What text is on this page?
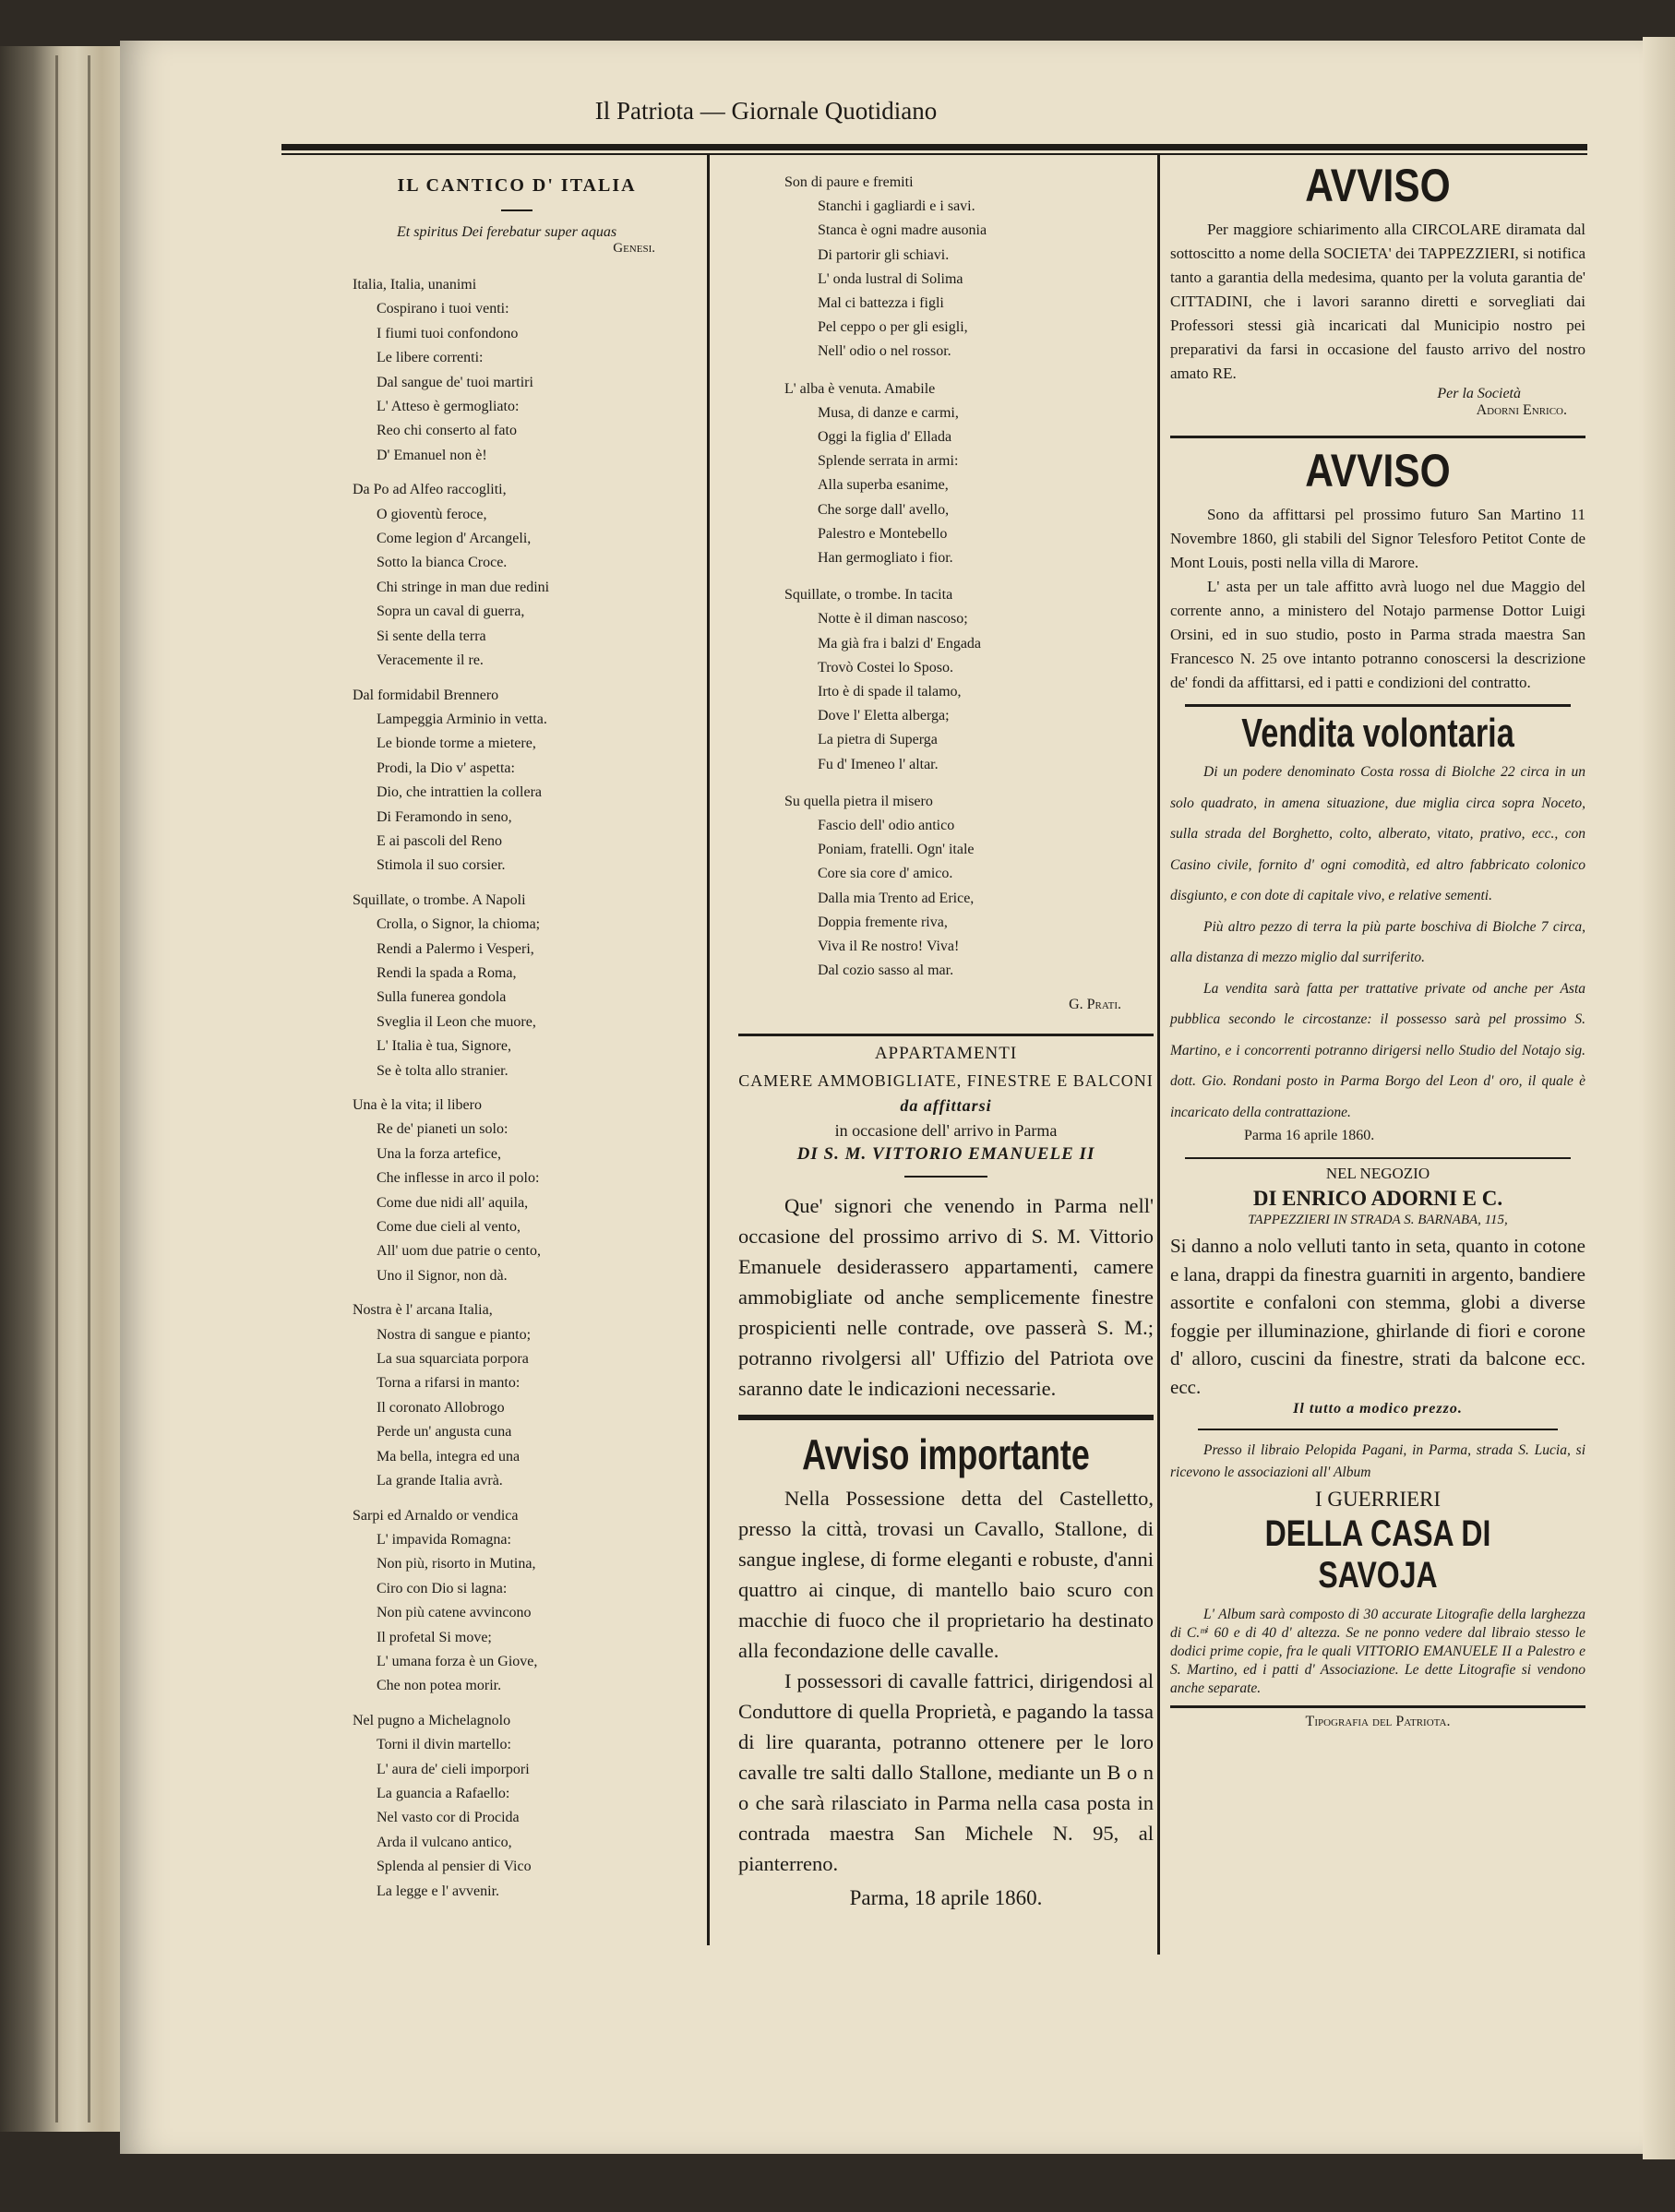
Il Patriota — Giornale Quotidiano
IL CANTICO D' ITALIA
Et spiritus Dei ferebatur super aquas
Genesi.
Italia, Italia, unanimi
Cospirano i tuoi venti:
I fiumi tuoi confondono
Le libere correnti:
Dal sangue de' tuoi martiri
L' Atteso è germogliato:
Reo chi conserto al fato
D' Emanuel non è!
Da Po ad Alfeo raccogliti,
O gioventù feroce,
Come legion d' Arcangeli,
Sotto la bianca Croce.
Chi stringe in man due redini
Sopra un caval di guerra,
Si sente della terra
Veracemente il re.
Dal formidabil Brennero
Lampeggia Arminio in vetta.
Le bionde torme a mietere,
Prodi, la Dio v' aspetta:
Dio, che intrattien la collera
Di Feramondo in seno,
E ai pascoli del Reno
Stimola il suo corsier.
Squillate, o trombe. A Napoli
Crolla, o Signor, la chioma;
Rendi a Palermo i Vesperi,
Rendi la spada a Roma,
Sulla funerea gondola
Sveglia il Leon che muore,
L' Italia è tua, Signore,
Se è tolta allo stranier.
Una è la vita; il libero
Re de' pianeti un solo:
Una la forza artefice,
Che inflesse in arco il polo:
Come due nidi all' aquila,
Come due cieli al vento,
All' uom due patrie o cento,
Uno il Signor, non dà.
Nostra è l' arcana Italia,
Nostra di sangue e pianto;
La sua squarciata porpora
Torna a rifarsi in manto:
Il coronato Allobrogo
Perde un' angusta cuna
Ma bella, integra ed una
La grande Italia avrà.
Sarpi ed Arnaldo or vendica
L' impavida Romagna:
Non più, risorto in Mutina,
Ciro con Dio si lagna:
Non più catene avvincono
Il profetal Si move;
L' umana forza è un Giove,
Che non potea morir.
Nel pugno a Michelagnolo
Torni il divin martello:
L' aura de' cieli imporpori
La guancia a Rafaello:
Nel vasto cor di Procida
Arda il vulcano antico,
Splenda al pensier di Vico
La legge e l' avvenir.
Son di paure e fremiti
Stanchi i gagliardi e i savi.
Stanca è ogni madre ausonia
Di partorir gli schiavi.
L' onda lustral di Solima
Mal ci battezza i figli
Pel ceppo o per gli esigli,
Nell' odio o nel rossor.
L' alba è venuta. Amabile
Musa, di danze e carmi,
Oggi la figlia d' Ellada
Splende serrata in armi:
Alla superba esanime,
Che sorge dall' avello,
Palestro e Montebello
Han germogliato i fior.
Squillate, o trombe. In tacita
Notte è il diman nascoso;
Ma già fra i balzi d' Engada
Trovò Costei lo Sposo.
Irto è di spade il talamo,
Dove l' Eletta alberga;
La pietra di Superga
Fu d' Imeneo l' altar.
Su quella pietra il misero
Fascio dell' odio antico
Poniam, fratelli. Ogn' itale
Core sia core d' amico.
Dalla mia Trento ad Erice,
Doppia fremente riva,
Viva il Re nostro! Viva!
Dal cozio sasso al mar.
G. Prati.
APPARTAMENTI
CAMERE AMMOBIGLIATE, FINESTRE E BALCONI
da affittarsi
in occasione dell' arrivo in Parma
DI S. M. VITTORIO EMANUELE II
Que' signori che venendo in Parma nell' occasione del prossimo arrivo di S. M. Vittorio Emanuele desiderassero appartamenti, camere ammobigliate od anche semplicemente finestre prospicienti nelle contrade, ove passerà S. M.; potranno rivolgersi all' Uffizio del Patriota ove saranno date le indicazioni necessarie.
Avviso importante
Nella Possessione detta del Castelletto, presso la città, trovasi un Cavallo, Stallone, di sangue inglese, di forme eleganti e robuste, d'anni quattro ai cinque, di mantello baio scuro con macchie di fuoco che il proprietario ha destinato alla fecondazione delle cavalle.
I possessori di cavalle fattrici, dirigendosi al Conduttore di quella Proprietà, e pagando la tassa di lire quaranta, potranno ottenere per le loro cavalle tre salti dallo Stallone, mediante un B o n o che sarà rilasciato in Parma nella casa posta in contrada maestra San Michele N. 95, al pianterreno.
Parma, 18 aprile 1860.
AVVISO
Per maggiore schiarimento alla CIRCOLARE diramata dal sottoscitto a nome della SOCIETA' dei TAPPEZZIERI, si notifica tanto a garantia della medesima, quanto per la voluta garantia de' CITTADINI, che i lavori saranno diretti e sorvegliati dai Professori stessi già incaricati dal Municipio nostro pei preparativi da farsi in occasione del fausto arrivo del nostro amato RE.
Per la Società
Adorni Enrico.
AVVISO
Sono da affittarsi pel prossimo futuro San Martino 11 Novembre 1860, gli stabili del Signor Telesforo Petitot Conte de Mont Louis, posti nella villa di Marore.
L' asta per un tale affitto avrà luogo nel due Maggio del corrente anno, a ministero del Notajo parmense Dottor Luigi Orsini, ed in suo studio, posto in Parma strada maestra San Francesco N. 25 ove intanto potranno conoscersi la descrizione de' fondi da affittarsi, ed i patti e condizioni del contratto.
Vendita volontaria
Di un podere denominato Costa rossa di Biolche 22 circa in un solo quadrato, in amena situazione, due miglia circa sopra Noceto, sulla strada del Borghetto, colto, alberato, vitato, prativo, ecc., con Casino civile, fornito d' ogni comodità, ed altro fabbricato colonico disgiunto, e con dote di capitale vivo, e relative sementi.
Più altro pezzo di terra la più parte boschiva di Biolche 7 circa, alla distanza di mezzo miglio dal surriferito.
La vendita sarà fatta per trattative private od anche per Asta pubblica secondo le circostanze: il possesso sarà pel prossimo S. Martino, e i concorrenti potranno dirigersi nello Studio del Notajo sig. dott. Gio. Rondani posto in Parma Borgo del Leon d' oro, il quale è incaricato della contrattazione.
Parma 16 aprile 1860.
NEL NEGOZIO
DI ENRICO ADORNI E C.
TAPPEZZIERI IN STRADA S. BARNABA, 115,
Si danno a nolo velluti tanto in seta, quanto in cotone e lana, drappi da finestra guarniti in argento, bandiere assortite e confaloni con stemma, globi a diverse foggie per illuminazione, ghirlande di fiori e corone d' alloro, cuscini da finestre, strati da balcone ecc. ecc.
Il tutto a modico prezzo.
Presso il libraio Pelopida Pagani, in Parma, strada S. Lucia, si ricevono le associazioni all' Album
I GUERRIERI
DELLA CASA DI SAVOJA
L' Album sarà composto di 30 accurate Litografie della larghezza di C.ᵐⁱ 60 e di 40 d' altezza. Se ne ponno vedere dal libraio stesso le dodici prime copie, fra le quali VITTORIO EMANUELE II a Palestro e S. Martino, ed i patti d' Associazione. Le dette Litografie si vendono anche separate.
Tipografia del Patriota.
